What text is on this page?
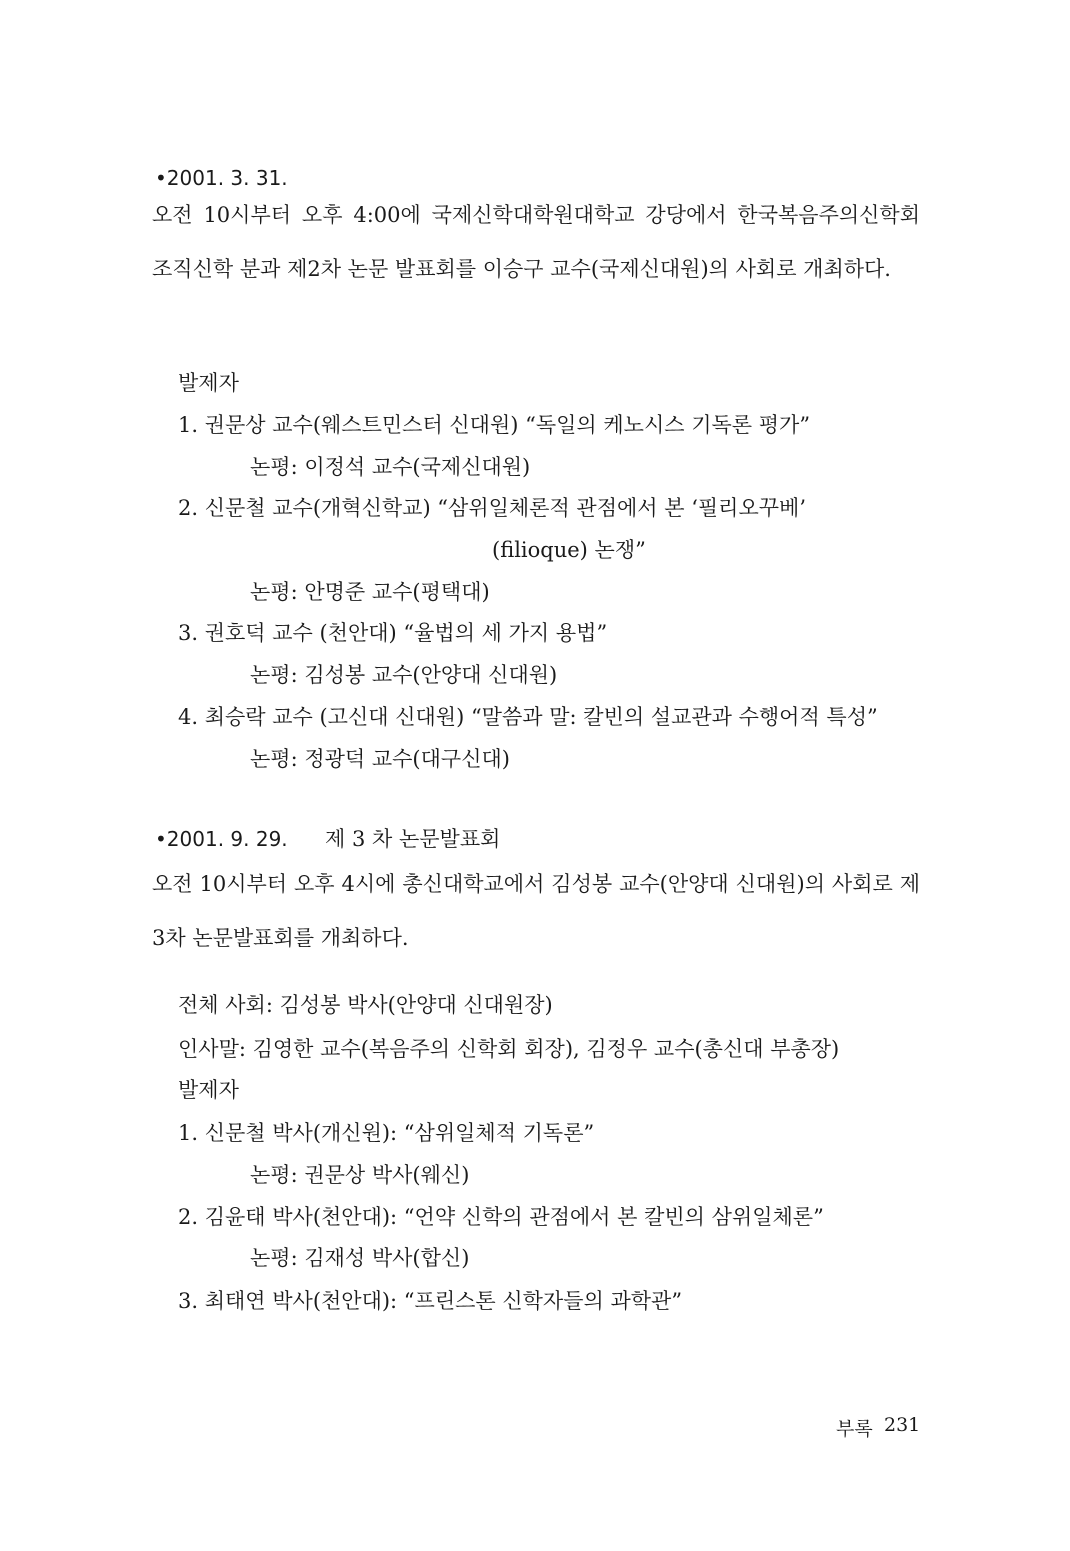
•2001. 3. 31.
오전 10시부터 오후 4:00에 국제신학대학원대학교 강당에서 한국복음주의신학회 조직신학 분과 제2차 논문 발표회를 이승구 교수(국제신대원)의 사회로 개최하다.
발제자
1. 권문상 교수(웨스트민스터 신대원) “독일의 케노시스 기독론 평가”
논평: 이정석 교수(국제신대원)
2. 신문철 교수(개혁신학교) “삼위일체론적 관점에서 본 ‘필리오꾸베’
(filioque) 논쟁”
논평: 안명준 교수(평택대)
3. 권호덕 교수 (천안대) “율법의 세 가지 용법”
논평: 김성봉 교수(안양대 신대원)
4. 최승락 교수 (고신대 신대원) “말씀과 말: 칼빈의 설교관과 수행어적 특성”
논평: 정광덕 교수(대구신대)
•2001. 9. 29. 제 3 차 논문발표회
오전 10시부터 오후 4시에 총신대학교에서 김성봉 교수(안양대 신대원)의 사회로 제3차 논문발표회를 개최하다.
전체 사회: 김성봉 박사(안양대 신대원장)
인사말: 김영한 교수(복음주의 신학회 회장), 김정우 교수(총신대 부총장)
발제자
1. 신문철 박사(개신원): “삼위일체적 기독론”
논평: 권문상 박사(웨신)
2. 김윤태 박사(천안대): “언약 신학의 관점에서 본 칼빈의 삼위일체론”
논평: 김재성 박사(합신)
3. 최태연 박사(천안대): “프린스톤 신학자들의 과학관”
부록 231
